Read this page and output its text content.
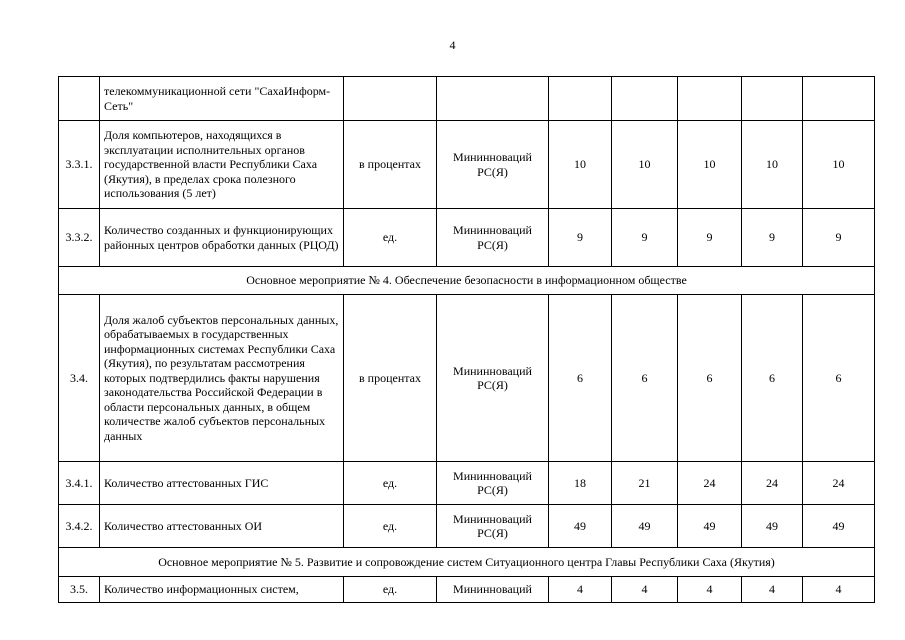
4
	телекоммуникационной сети "СахаИнформ-Сеть"							
3.3.1.	Доля компьютеров, находящихся в эксплуатации исполнительных органов государственной власти Республики Саха (Якутия), в пределах срока полезного использования (5 лет)	в процентах	Мининноваций РС(Я)	10	10	10	10	10
3.3.2.	Количество созданных и функционирующих районных центров обработки данных (РЦОД)	ед.	Мининноваций РС(Я)	9	9	9	9	9
Основное мероприятие № 4. Обеспечение безопасности в информационном обществе								
3.4.	Доля жалоб субъектов персональных данных, обрабатываемых в государственных информационных системах Республики Саха (Якутия), по результатам рассмотрения которых подтвердились факты нарушения законодательства Российской Федерации в области персональных данных, в общем количестве жалоб субъектов персональных данных	в процентах	Мининноваций РС(Я)	6	6	6	6	6
3.4.1.	Количество аттестованных ГИС	ед.	Мининноваций РС(Я)	18	21	24	24	24
3.4.2.	Количество аттестованных ОИ	ед.	Мининноваций РС(Я)	49	49	49	49	49
Основное мероприятие № 5. Развитие и сопровождение систем Ситуационного центра Главы Республики Саха (Якутия)								
3.5.	Количество информационных систем,	ед.	Мининноваций	4	4	4	4	4
